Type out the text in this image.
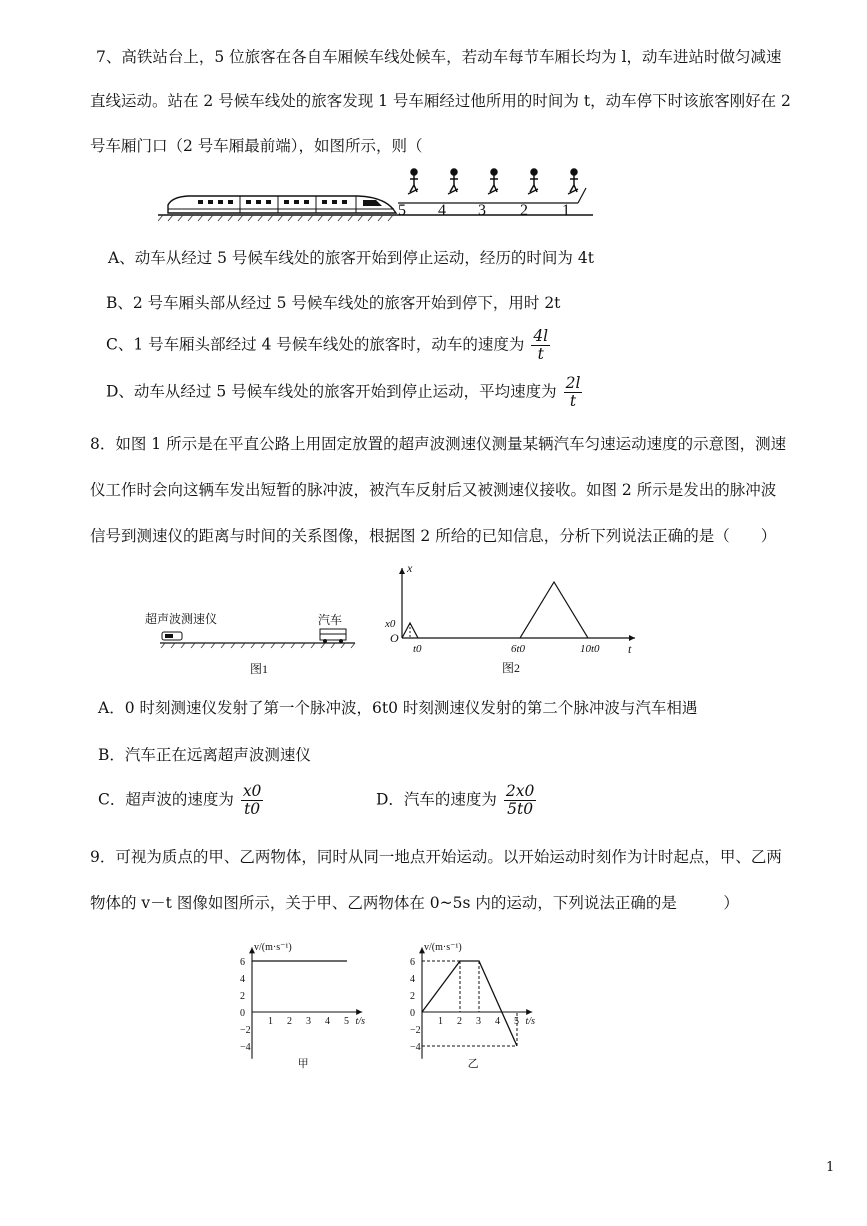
7、高铁站台上，5 位旅客在各自车厢候车线处候车，若动车每节车厢长均为 l，动车进站时做匀减速
直线运动。站在 2 号候车线处的旅客发现 1 号车厢经过他所用的时间为 t，动车停下时该旅客刚好在 2
号车厢门口（2 号车厢最前端），如图所示，则（
5 4 3 2 1
A、动车从经过 5 号候车线处的旅客开始到停止运动，经历的时间为 4t
B、2 号车厢头部从经过 5 号候车线处的旅客开始到停下，用时 2t
C、1 号车厢头部经过 4 号候车线处的旅客时，动车的速度为 $\frac{4l}{t}$
D、动车从经过 5 号候车线处的旅客开始到停止运动，平均速度为 $\frac{2l}{t}$
8．如图 1 所示是在平直公路上用固定放置的超声波测速仪测量某辆汽车匀速运动速度的示意图，测速
仪工作时会向这辆车发出短暂的脉冲波，被汽车反射后又被测速仪接收。如图 2 所示是发出的脉冲波
信号到测速仪的距离与时间的关系图像，根据图 2 所给的已知信息，分析下列说法正确的是（　　）
超声波测速仪	汽车
图1
x
t
O
x0
t0	6t0	10t0
图2
A．0 时刻测速仪发射了第一个脉冲波，6t0 时刻测速仪发射的第二个脉冲波与汽车相遇
B．汽车正在远离超声波测速仪
C．超声波的速度为 $\frac{x0}{t0}$	D．汽车的速度为 $\frac{2x0}{5t0}$
9．可视为质点的甲、乙两物体，同时从同一地点开始运动。以开始运动时刻作为计时起点，甲、乙两
物体的 v－t 图像如图所示，关于甲、乙两物体在 0~5s 内的运动，下列说法正确的是　　　）
v/(m·s⁻¹)
t/s
6
4
2
0
−2
−4
1 2 3 4 5
甲
v/(m·s⁻¹)
t/s
6
4
2
0
−2
−4
1 2 3 4 5
乙
1
